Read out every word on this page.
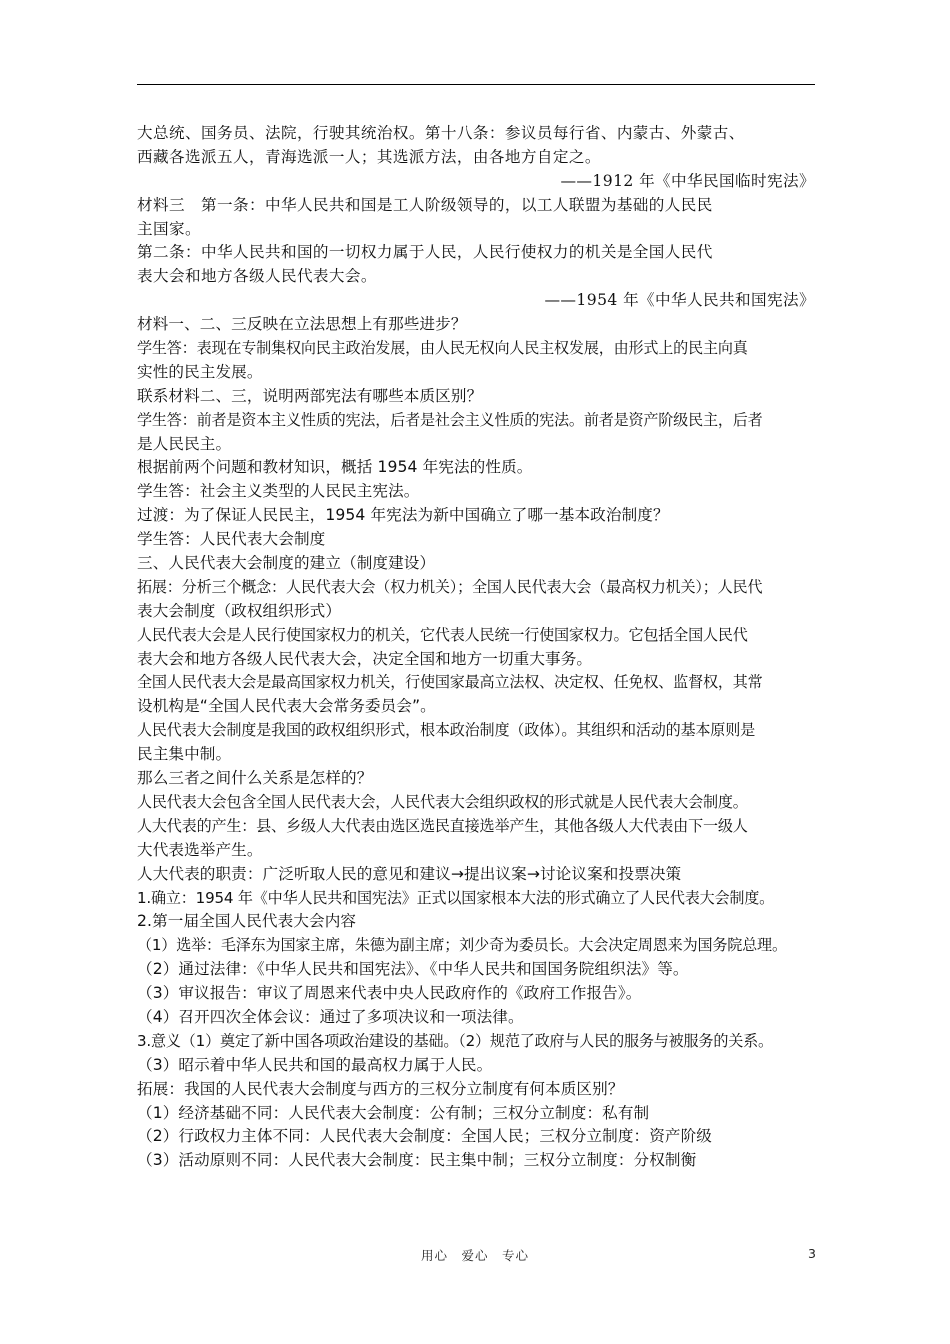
大总统、国务员、法院，行驶其统治权。第十八条：参议员每行省、内蒙古、外蒙古、
西藏各选派五人，青海选派一人；其选派方法，由各地方自定之。
——1912 年《中华民国临时宪法》
材料三　第一条：中华人民共和国是工人阶级领导的，以工人联盟为基础的人民民
主国家。
第二条：中华人民共和国的一切权力属于人民，人民行使权力的机关是全国人民代
表大会和地方各级人民代表大会。
——1954 年《中华人民共和国宪法》
材料一、二、三反映在立法思想上有那些进步？
学生答：表现在专制集权向民主政治发展，由人民无权向人民主权发展，由形式上的民主向真
实性的民主发展。
联系材料二、三，说明两部宪法有哪些本质区别？
学生答：前者是资本主义性质的宪法，后者是社会主义性质的宪法。前者是资产阶级民主，后者
是人民民主。
根据前两个问题和教材知识，概括 1954 年宪法的性质。
学生答：社会主义类型的人民民主宪法。
过渡：为了保证人民民主，1954 年宪法为新中国确立了哪一基本政治制度？
学生答：人民代表大会制度
三、人民代表大会制度的建立（制度建设）
拓展：分析三个概念：人民代表大会（权力机关）；全国人民代表大会（最高权力机关）；人民代
表大会制度（政权组织形式）
人民代表大会是人民行使国家权力的机关，它代表人民统一行使国家权力。它包括全国人民代
表大会和地方各级人民代表大会，决定全国和地方一切重大事务。
全国人民代表大会是最高国家权力机关，行使国家最高立法权、决定权、任免权、监督权，其常
设机构是“全国人民代表大会常务委员会”。
人民代表大会制度是我国的政权组织形式，根本政治制度（政体）。其组织和活动的基本原则是
民主集中制。
那么三者之间什么关系是怎样的？
人民代表大会包含全国人民代表大会，人民代表大会组织政权的形式就是人民代表大会制度。
人大代表的产生：县、乡级人大代表由选区选民直接选举产生，其他各级人大代表由下一级人
大代表选举产生。
人大代表的职责：广泛听取人民的意见和建议→提出议案→讨论议案和投票决策
1.确立：1954 年《中华人民共和国宪法》正式以国家根本大法的形式确立了人民代表大会制度。
2.第一届全国人民代表大会内容
（1）选举：毛泽东为国家主席，朱德为副主席；刘少奇为委员长。大会决定周恩来为国务院总理。
（2）通过法律：《中华人民共和国宪法》、《中华人民共和国国务院组织法》等。
（3）审议报告：审议了周恩来代表中央人民政府作的《政府工作报告》。
（4）召开四次全体会议：通过了多项决议和一项法律。
3.意义（1）奠定了新中国各项政治建设的基础。（2）规范了政府与人民的服务与被服务的关系。
（3）昭示着中华人民共和国的最高权力属于人民。
拓展：我国的人民代表大会制度与西方的三权分立制度有何本质区别？
（1）经济基础不同：人民代表大会制度：公有制；三权分立制度：私有制
（2）行政权力主体不同：人民代表大会制度：全国人民；三权分立制度：资产阶级
（3）活动原则不同：人民代表大会制度：民主集中制；三权分立制度：分权制衡
用心　爱心　专心	3
